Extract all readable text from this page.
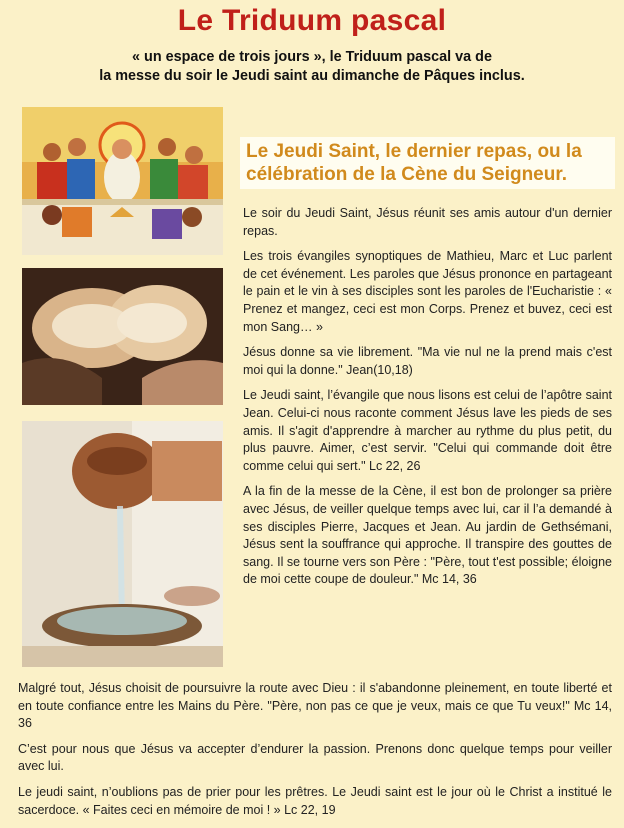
Le Triduum pascal
« un espace de trois jours », le Triduum pascal va de
la messe du soir le Jeudi saint au dimanche de Pâques inclus.
Le Jeudi Saint, le dernier repas, ou la célébration de la Cène du Seigneur.

Le soir du Jeudi Saint, Jésus réunit ses amis autour d'un dernier repas.

Les trois évangiles synoptiques de Mathieu, Marc et Luc parlent de cet événement. Les paroles que Jésus prononce en partageant le pain et le vin à ses disciples sont les paroles de l'Eucharistie : « Prenez et mangez, ceci est mon Corps. Prenez et buvez, ceci est mon Sang… »

Jésus donne sa vie librement. "Ma vie nul ne la prend mais c'est moi qui la donne." Jean(10,18)

Le Jeudi saint, l’évangile que nous lisons est celui de l’apôtre saint Jean. Celui-ci nous raconte comment Jésus lave les pieds de ses amis. Il s'agit d'apprendre à marcher au rythme du plus petit, du plus pauvre. Aimer, c’est servir. "Celui qui commande doit être comme celui qui sert." Lc 22, 26

A la fin de la messe de la Cène, il est bon de prolonger sa prière avec Jésus, de veiller quelque temps avec lui, car il l’a demandé à ses disciples Pierre, Jacques et Jean. Au jardin de Gethsémani, Jésus sent la souffrance qui approche. Il transpire des gouttes de sang. Il se tourne vers son Père : "Père, tout t'est possible; éloigne de moi cette coupe de douleur." Mc 14, 36

Malgré tout, Jésus choisit de poursuivre la route avec Dieu : il s'abandonne pleinement, en toute liberté et en toute confiance entre les Mains du Père. "Père, non pas ce que je veux, mais ce que Tu veux!" Mc 14, 36

C’est pour nous que Jésus va accepter d’endurer la passion. Prenons donc quelque temps pour veiller avec lui.

Le jeudi saint, n’oublions pas de prier pour les prêtres. Le Jeudi saint est le jour où le Christ a institué le sacerdoce. « Faites ceci en mémoire de moi ! » Lc 22, 19
